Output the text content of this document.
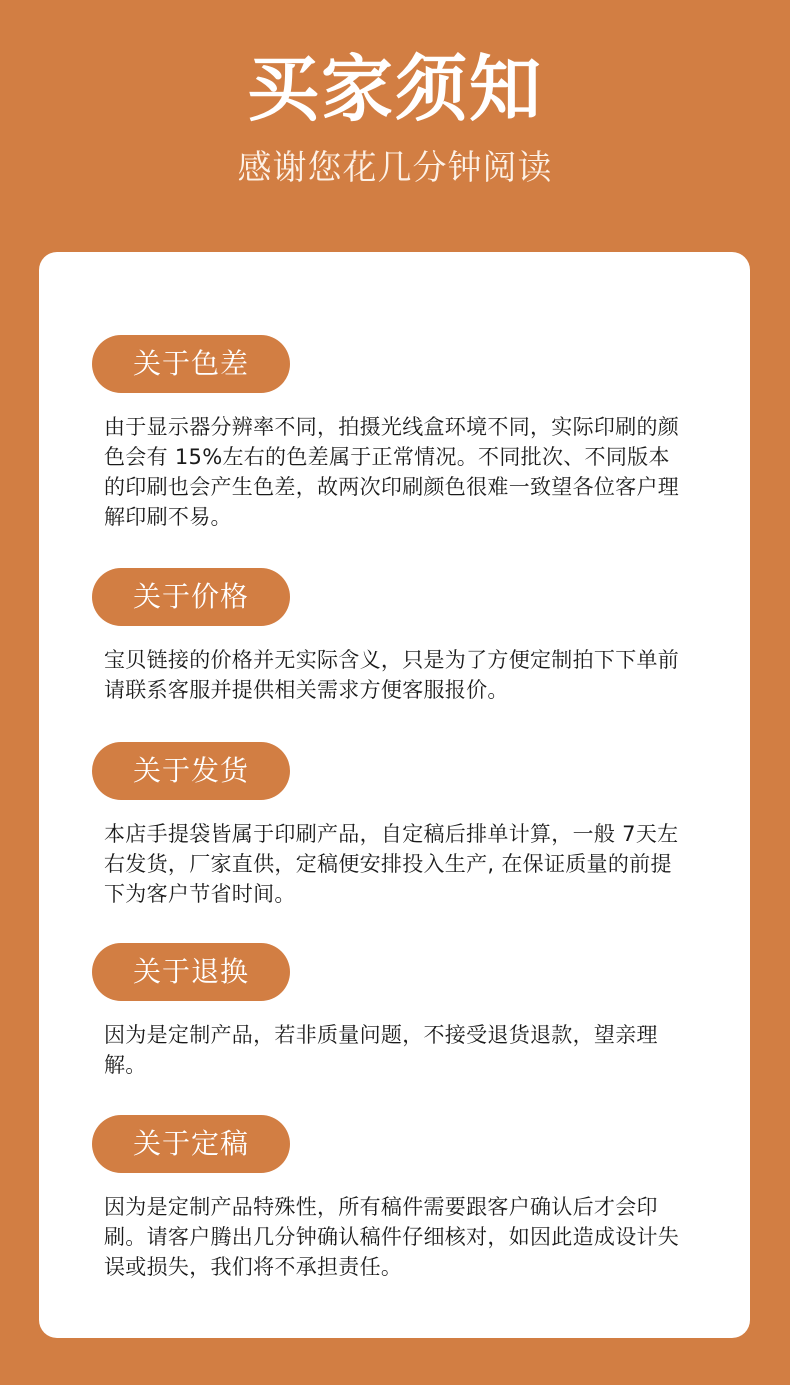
买家须知
感谢您花几分钟阅读
关于色差
由于显示器分辨率不同，拍摄光线盒环境不同，实际印刷的颜色会有 15%左右的色差属于正常情况。不同批次、不同版本的印刷也会产生色差，故两次印刷颜色很难一致望各位客户理解印刷不易。
关于价格
宝贝链接的价格并无实际含义，只是为了方便定制拍下下单前请联系客服并提供相关需求方便客服报价。
关于发货
本店手提袋皆属于印刷产品，自定稿后排单计算，一般 7天左右发货，厂家直供，定稿便安排投入生产, 在保证质量的前提下为客户节省时间。
关于退换
因为是定制产品，若非质量问题，不接受退货退款，望亲理解。
关于定稿
因为是定制产品特殊性，所有稿件需要跟客户确认后才会印刷。请客户腾出几分钟确认稿件仔细核对，如因此造成设计失误或损失，我们将不承担责任。
